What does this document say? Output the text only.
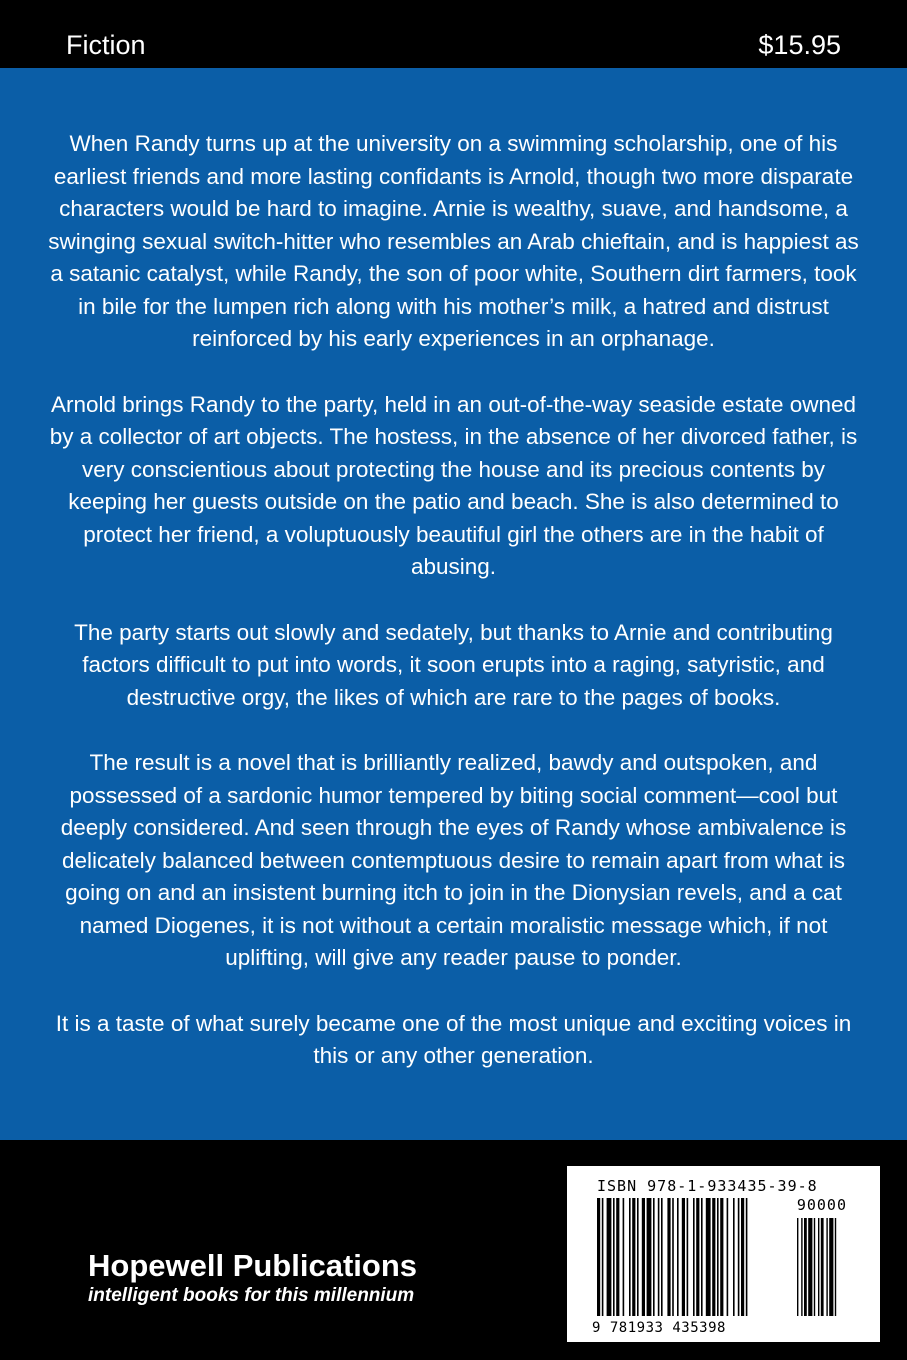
Fiction	$15.95

When Randy turns up at the university on a swimming scholarship, one of his earliest friends and more lasting confidants is Arnold, though two more disparate characters would be hard to imagine. Arnie is wealthy, suave, and handsome, a swinging sexual switch-hitter who resembles an Arab chieftain, and is happiest as a satanic catalyst, while Randy, the son of poor white, Southern dirt farmers, took in bile for the lumpen rich along with his mother’s milk, a hatred and distrust reinforced by his early experiences in an orphanage.

Arnold brings Randy to the party, held in an out-of-the-way seaside estate owned by a collector of art objects. The hostess, in the absence of her divorced father, is very conscientious about protecting the house and its precious contents by keeping her guests outside on the patio and beach. She is also determined to protect her friend, a voluptuously beautiful girl the others are in the habit of abusing.

The party starts out slowly and sedately, but thanks to Arnie and contributing factors difficult to put into words, it soon erupts into a raging, satyristic, and destructive orgy, the likes of which are rare to the pages of books.

The result is a novel that is brilliantly realized, bawdy and outspoken, and possessed of a sardonic humor tempered by biting social comment—cool but deeply considered. And seen through the eyes of Randy whose ambivalence is delicately balanced between contemptuous desire to remain apart from what is going on and an insistent burning itch to join in the Dionysian revels, and a cat named Diogenes, it is not without a certain moralistic message which, if not uplifting, will give any reader pause to ponder.

It is a taste of what surely became one of the most unique and exciting voices in this or any other generation.

Hopewell Publications
intelligent books for this millennium
ISBN 978-1-933435-39-8
90000
9 781933 435398
